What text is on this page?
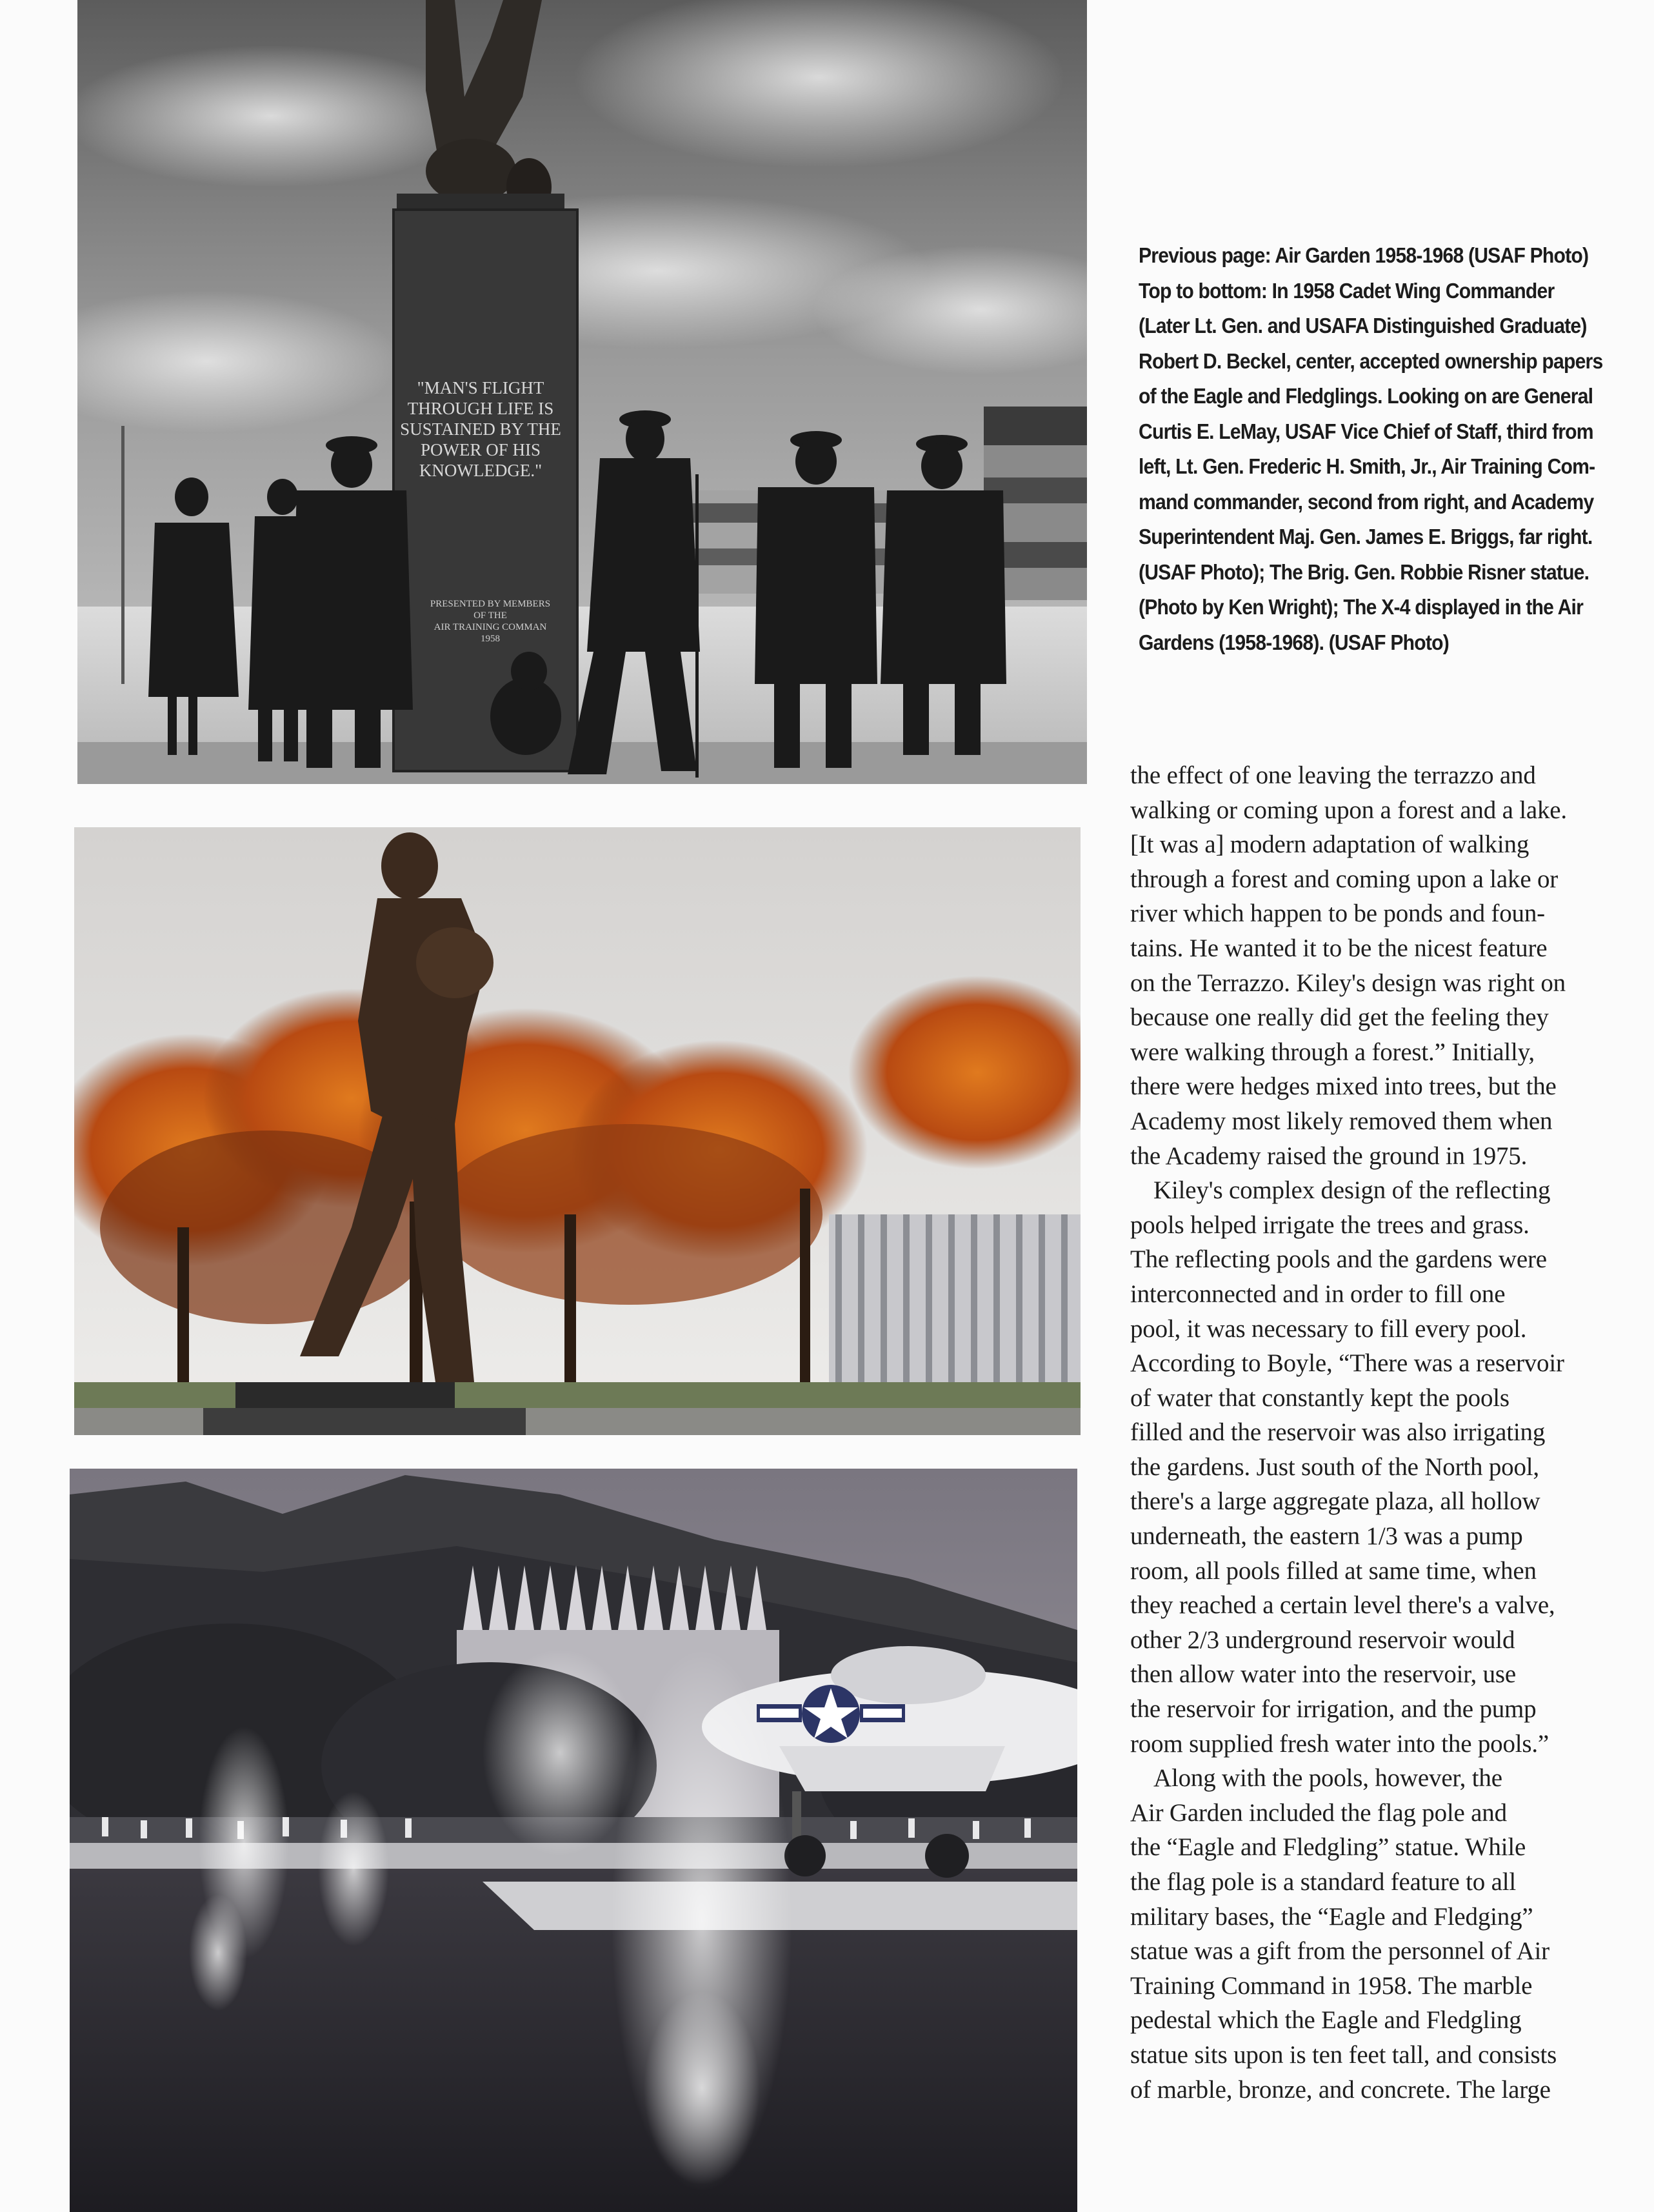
"MAN'S FLIGHT
THROUGH LIFE IS
SUSTAINED BY THE
POWER OF HIS
KNOWLEDGE."
PRESENTED BY MEMBERS
OF THE
AIR TRAINING COMMAN
1958
Previous page: Air Garden 1958-1968 (USAF Photo)
Top to bottom: In 1958 Cadet Wing Commander
(Later Lt. Gen. and USAFA Distinguished Graduate)
Robert D. Beckel, center, accepted ownership papers
of the Eagle and Fledglings. Looking on are General
Curtis E. LeMay, USAF Vice Chief of Staff, third from
left, Lt. Gen. Frederic H. Smith, Jr., Air Training Com-
mand commander, second from right, and Academy
Superintendent Maj. Gen. James E. Briggs, far right.
(USAF Photo); The Brig. Gen. Robbie Risner statue.
(Photo by Ken Wright); The X-4 displayed in the Air
Gardens (1958-1968). (USAF Photo)
the effect of one leaving the terrazzo and
walking or coming upon a forest and a lake.
[It was a] modern adaptation of walking
through a forest and coming upon a lake or
river which happen to be ponds and foun-
tains. He wanted it to be the nicest feature
on the Terrazzo. Kiley's design was right on
because one really did get the feeling they
were walking through a forest.” Initially,
there were hedges mixed into trees, but the
Academy most likely removed them when
the Academy raised the ground in 1975.
Kiley's complex design of the reflecting
pools helped irrigate the trees and grass.
The reflecting pools and the gardens were
interconnected and in order to fill one
pool, it was necessary to fill every pool.
According to Boyle, “There was a reservoir
of water that constantly kept the pools
filled and the reservoir was also irrigating
the gardens. Just south of the North pool,
there's a large aggregate plaza, all hollow
underneath, the eastern 1/3 was a pump
room, all pools filled at same time, when
they reached a certain level there's a valve,
other 2/3 underground reservoir would
then allow water into the reservoir, use
the reservoir for irrigation, and the pump
room supplied fresh water into the pools.”
Along with the pools, however, the
Air Garden included the flag pole and
the “Eagle and Fledgling” statue. While
the flag pole is a standard feature to all
military bases, the “Eagle and Fledging”
statue was a gift from the personnel of Air
Training Command in 1958. The marble
pedestal which the Eagle and Fledgling
statue sits upon is ten feet tall, and consists
of marble, bronze, and concrete. The large
